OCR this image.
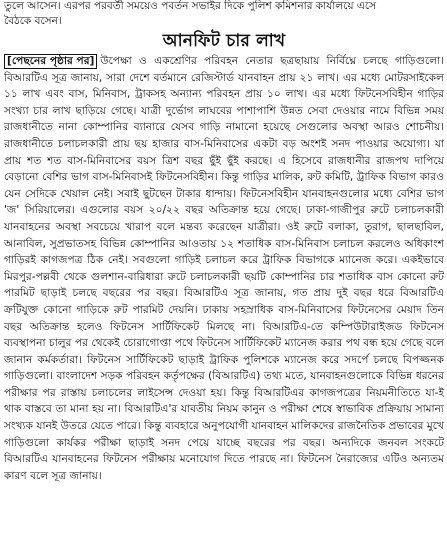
তুলে আসেন। এরপর পরবর্তী সময়েও পবর্তন সভাইর দিকে পুলিশ কমিশনার কার্যালয়ে এসে
বৈঠকে বসেন।
আনফিট চার লাখ
[পেছনের পৃষ্ঠার পর] উপেক্ষা ও একশ্রেণির পরিবহন নেতার ছত্রছায়ায় নির্বিঘ্নে চলছে গাড়িগুলো। বিআরটিএ সূত্র জানায়, সারা দেশে বর্তমানে রেজিস্টার্ড যানবাহন প্রায় ২১ লাখ। এর মধ্যে মোটরসাইকেল ১১ লাখ এবং বাস, মিনিবাস, ট্রাকসহ অন্যান্য পরিবহন প্রায় ১০ লাখ। এর মধ্যে ফিটনেসবিহীন গাড়ির সংখ্যা চার লাখ ছাড়িয়ে গেছে। যাত্রী দুর্ভোগ লাঘবের পাশাপাশি উন্নত সেবা দেওয়ার নামে বিভিন্ন সময় রাজধানীতে নানা কোম্পানির ব্যানারে যেসব গাড়ি নামানো হয়েছে সেগুলোর অবস্থা আরও শোচনীয়। রাজধানীতে চলাচলকারী প্রায় ছয় হাজার বাস-মিনিবাসের একটা বড় অংশই সনদ পাওয়ার অযোগ্য। যা প্রায় শত শত বাস-মিনিবাসের বয়স ত্রিশ বছর ছুঁই ছুঁই করছে। এ হিসেবে রাজধানীর রাজপথ দাপিয়ে বেড়ানো বেশির ভাগ বাস-মিনিবাসই ফিটনেসবিহীন। কিন্তু গাড়ির মালিক, রুট কমিটি, ট্রাফিক বিভাগ কারও যেন সেদিকে খেয়াল নেই। সবাই ছুটছেন টাকার ধান্দায়। ফিটনেসবিহীন যানবাহনগুলোর মধ্যে বেশির ভাগ 'জ' সিরিয়ালের। এগুলোর বয়স ২০/২২ বছর অতিক্রান্ত হয়ে গেছে। ঢাকা-গাজীপুর রুটে চলাচলকারী যানবাহনের অবস্থা সবচেয়ে খারাপ বলে মন্তব্য করেছেন যাত্রীরা। ওই রুটে বলাকা, তুরাগ, ছালছাবিল, আনাবিল, সুপ্রভাতসহ বিভিন্ন কোম্পানির আওতায় ১২ শতাধিক বাস-মিনিবাস চলাচল করলেও অধিকাংশ গাড়িরই কাগজপত্র ঠিক নেই। সবগুলো গাড়িই চলাচল করে ট্রাফিক বিভাগকে ম্যানেজ করে। একইভাবে মিরপুর-পল্লবী থেকে গুলশান-বারিধারা রুটে চলাচলকারী ছয়টি কোম্পানির চার শতাধিক বাস কোনো রুট পারমিট ছাড়াই চলছে বছরের পর বছর। বিআরটিএ সূত্র জানায়, গত প্রায় দুই বছর ধরে বিআরটিএ ক্রটিযুক্ত কোনো গাড়িকে রুট পারমিট দেয়নি। ঢাকায় সহস্রাধিক বাস-মিনিবাসের ফিটনেসের মেয়াদ তিন বছর অতিক্রান্ত হলেও ফিটনেস সার্টিফিকেট মিলছে না। বিআরটিএ-তে কম্পিউটারাইজড ফিটনেস ব্যবস্থাপনা চালুর পর থেকেই চোরাগোপ্তা পথে ফিটনেস সার্টিফিকেট ম্যানেজ করার পথ বন্ধ হয়ে গেছে বলে জানান কর্মকর্তারা। ফিটনেস সার্টিফিকেট ছাড়াই ট্রাফিক পুলিশকে ম্যানেজ করে সদর্পে চলছে বিপজ্জনক গাড়িগুলো। বাংলাদেশ সড়ক পরিবহন কর্তৃপক্ষের (বিআরটিএ) তথ্য মতে, যানবাহনগুলোকে বিভিন্ন ধরনের পরীক্ষার পর রাস্তায় চলাচলের লাইসেন্স দেওয়া হয়। কিন্তু বিআরটিএর কাগজপত্রের নিয়মনীতিতে যা-ই থাক বাস্তবে তা মানা হয় না। বিআরটিএ'র যাবতীয় নিয়ম কানুন ও পরীক্ষা শেষে স্বাভাবিক প্রক্রিয়ায় সামান্য সংখ্যক যানই উতরে যেতে পারে। কিন্তু ব্যবহারে অনুপযোগী যানবাহন মালিকদের রাজনৈতিক প্রভাবের মুখে গাড়িগুলো কার্যকর পরীক্ষা ছাড়াই সনদ পেয়ে যাচ্ছে বছরের পর বছর। অন্যদিকে জনবল সংকটে বিআরটিএ যানবাহনের ফিটনেস পরীক্ষায় মনোযোগ দিতে পারছে না। ফিটনেস নৈরাজ্যের এটিও অন্যতম কারণ বলে সূত্র জানায়।
